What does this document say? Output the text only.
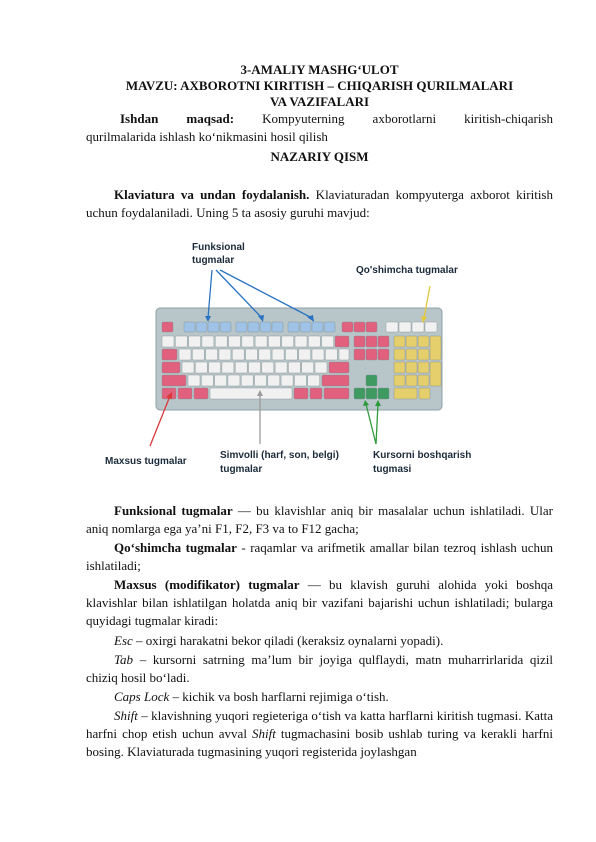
3-AMALIY MASHG‘ULOT
MAVZU: AXBOROTNI KIRITISH – CHIQARISH QURILMALARI
VA VAZIFALARI
Ishdan maqsad: Kompyuterning axborotlarni kiritish-chiqarish
qurilmalarida ishlash ko‘nikmasini hosil qilish
NAZARIY QISM
Klaviatura va undan foydalanish. Klaviaturadan kompyuterga axborot kiritish uchun foydalaniladi. Uning 5 ta asosiy guruhi mavjud:
Funksional
tugmalar
Qo'shimcha tugmalar
Maxsus tugmalar
Simvolli (harf, son, belgi)
tugmalar
Kursorni boshqarish
tugmasi
Funksional tugmalar — bu klavishlar aniq bir masalalar uchun ishlatiladi. Ular aniq nomlarga ega ya’ni F1, F2, F3 va to F12 gacha;
Qo‘shimcha tugmalar - raqamlar va arifmetik amallar bilan tezroq ishlash uchun ishlatiladi;
Maxsus (modifikator) tugmalar — bu klavish guruhi alohida yoki boshqa klavishlar bilan ishlatilgan holatda aniq bir vazifani bajarishi uchun ishlatiladi; bularga quyidagi tugmalar kiradi:
Esc – oxirgi harakatni bekor qiladi (keraksiz oynalarni yopadi).
Tab – kursorni satrning ma’lum bir joyiga qulflaydi, matn muharrirlarida qizil chiziq hosil bo‘ladi.
Caps Lock – kichik va bosh harflarni rejimiga o‘tish.
Shift – klavishning yuqori regieteriga o‘tish va katta harflarni kiritish tugmasi. Katta harfni chop etish uchun avval Shift tugmachasini bosib ushlab turing va kerakli harfni bosing. Klaviaturada tugmasining yuqori registerida joylashgan
